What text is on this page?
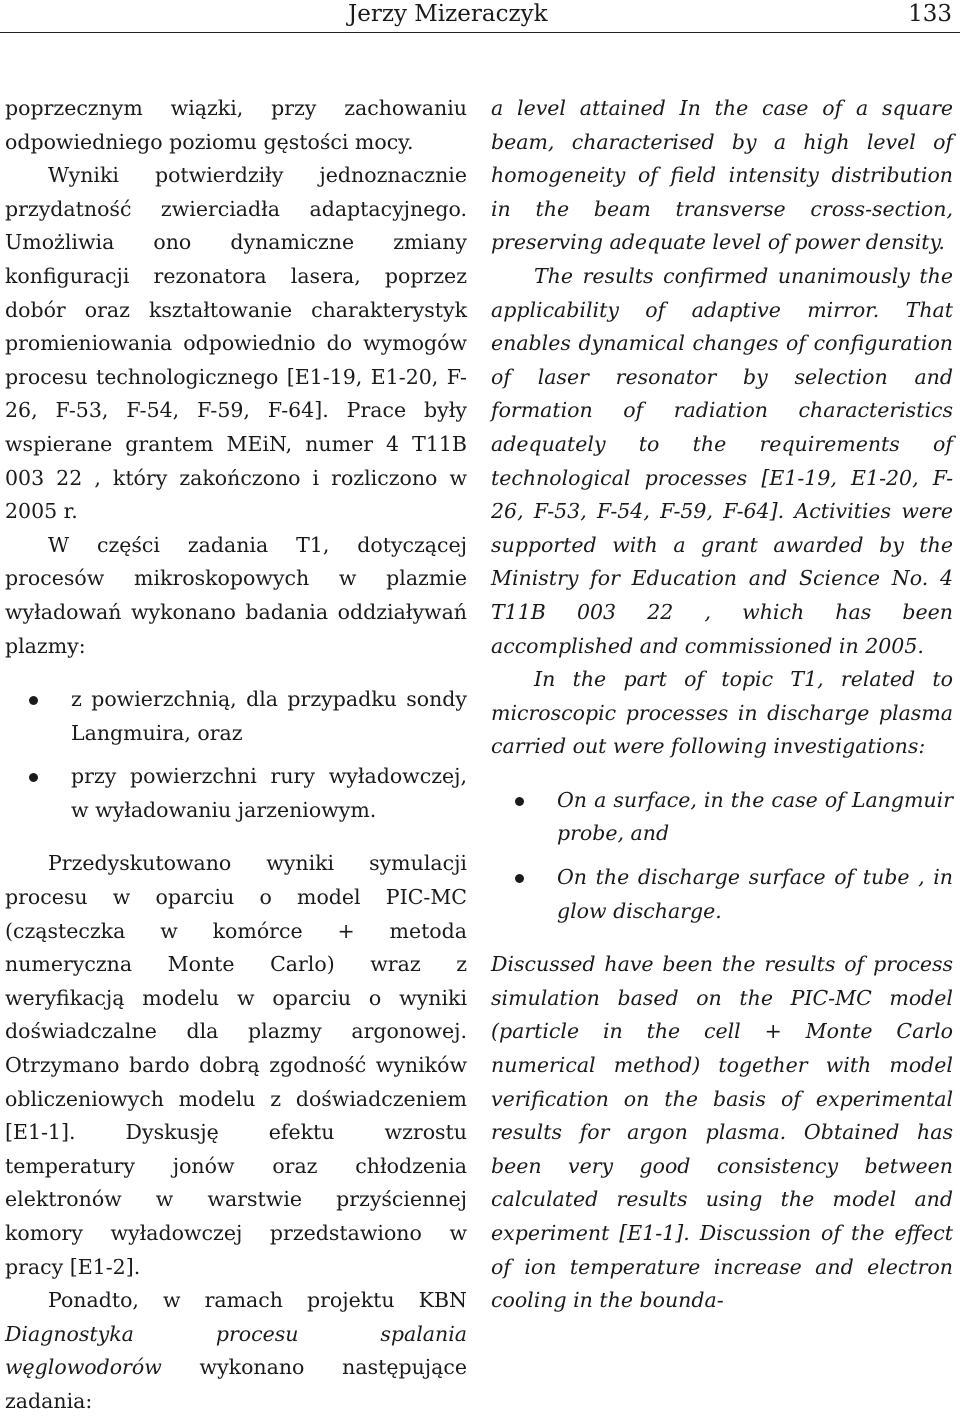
Jerzy Mizeraczyk	133

poprzecznym wiązki, przy zachowaniu odpowiedniego poziomu gęstości mocy.

Wyniki potwierdziły jednoznacznie przydatność zwierciadła adaptacyjnego. Umożliwia ono dynamiczne zmiany konfiguracji rezonatora lasera, poprzez dobór oraz kształtowanie charakterystyk promieniowania odpowiednio do wymogów procesu technologicznego [E1-19, E1-20, F-26, F-53, F-54, F-59, F-64]. Prace były wspierane grantem MEiN, numer 4 T11B 003 22 , który zakończono i rozliczono w 2005 r.

W części zadania T1, dotyczącej procesów mikroskopowych w plazmie wyładowań wykonano badania oddziaływań plazmy:

z powierzchnią, dla przypadku sondy Langmuira, oraz
przy powierzchni rury wyładowczej, w wyładowaniu jarzeniowym.

Przedyskutowano wyniki symulacji procesu w oparciu o model PIC-MC (cząsteczka w komórce + metoda numeryczna Monte Carlo) wraz z weryfikacją modelu w oparciu o wyniki doświadczalne dla plazmy argonowej. Otrzymano bardo dobrą zgodność wyników obliczeniowych modelu z doświadczeniem [E1-1]. Dyskusję efektu wzrostu temperatury jonów oraz chłodzenia elektronów w warstwie przyściennej komory wyładowczej przedstawiono w pracy [E1-2].

Ponadto, w ramach projektu KBN Diagnostyka procesu spalania węglowodorów wykonano następujące zadania:

a level attained In the case of a square beam, characterised by a high level of homogeneity of field intensity distribution in the beam transverse cross-section, preserving adequate level of power density.

The results confirmed unanimously the applicability of adaptive mirror. That enables dynamical changes of configuration of laser resonator by selection and formation of radiation characteristics adequately to the requirements of technological processes [E1-19, E1-20, F-26, F-53, F-54, F-59, F-64]. Activities were supported with a grant awarded by the Ministry for Education and Science No. 4 T11B 003 22 , which has been accomplished and commissioned in 2005.

In the part of topic T1, related to microscopic processes in discharge plasma carried out were following investigations:

On a surface, in the case of Langmuir probe, and
On the discharge surface of tube , in glow discharge.

Discussed have been the results of process simulation based on the PIC-MC model (particle in the cell + Monte Carlo numerical method) together with model verification on the basis of experimental results for argon plasma. Obtained has been very good consistency between calculated results using the model and experiment [E1-1]. Discussion of the effect of ion temperature increase and electron cooling in the bounda-
